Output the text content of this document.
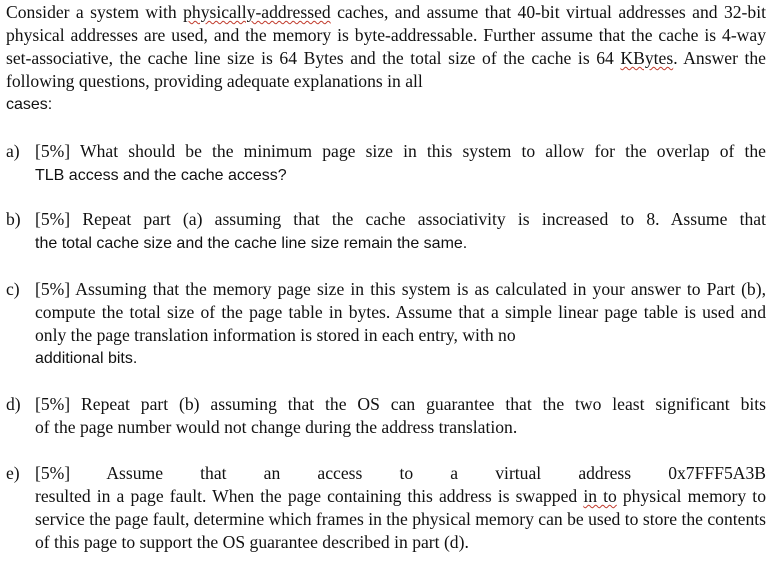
Consider a system with physically-addressed caches, and assume that 40-bit virtual addresses and 32-bit physical addresses are used, and the memory is byte-addressable. Further assume that the cache is 4-way set-associative, the cache line size is 64 Bytes and the total size of the cache is 64 KBytes. Answer the following questions, providing adequate explanations in all
cases:
a) [5%] What should be the minimum page size in this system to allow for the overlap of the
TLB access and the cache access?
b) [5%] Repeat part (a) assuming that the cache associativity is increased to 8. Assume that
the total cache size and the cache line size remain the same.
c) [5%] Assuming that the memory page size in this system is as calculated in your answer to Part (b), compute the total size of the page table in bytes. Assume that a simple linear page table is used and only the page translation information is stored in each entry, with no
additional bits.
d) [5%] Repeat part (b) assuming that the OS can guarantee that the two least significant bits
of the page number would not change during the address translation.
e) [5%]     Assume     that     an     access     to     a     virtual     address     0x7FFF5A3B
resulted in a page fault. When the page containing this address is swapped in to physical memory to service the page fault, determine which frames in the physical memory can be used to store the contents of this page to support the OS guarantee described in part (d).
